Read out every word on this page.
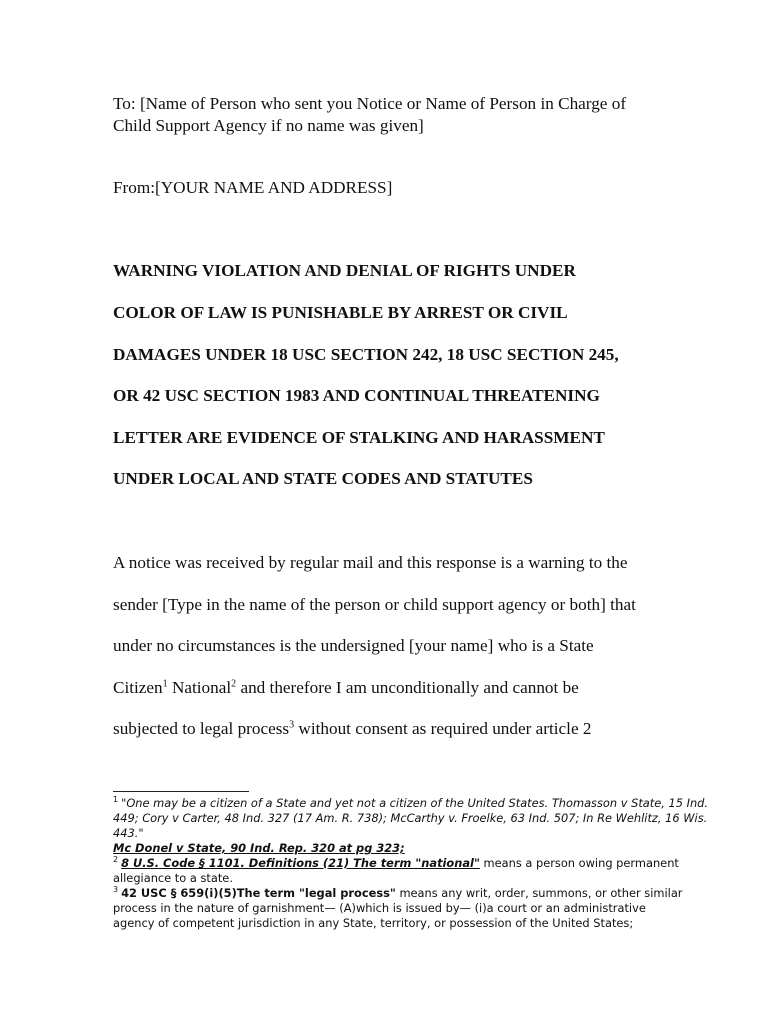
To: [Name of Person who sent you Notice or Name of Person in Charge of
Child Support Agency if no name was given]
From:[YOUR NAME AND ADDRESS]
WARNING VIOLATION AND DENIAL OF RIGHTS UNDER
COLOR OF LAW IS PUNISHABLE BY ARREST OR CIVIL
DAMAGES UNDER 18 USC SECTION 242, 18 USC SECTION 245,
OR 42 USC SECTION 1983 AND CONTINUAL THREATENING
LETTER ARE EVIDENCE OF STALKING AND HARASSMENT
UNDER LOCAL AND STATE CODES AND STATUTES
A notice was received by regular mail and this response is a warning to the
sender [Type in the name of the person or child support agency or both] that
under no circumstances is the undersigned [your name] who is a State
Citizen$^1$ National$^2$ and therefore I am unconditionally and cannot be
subjected to legal process$^3$ without consent as required under article 2
$^1$ "One may be a citizen of a State and yet not a citizen of the United States. Thomasson v State, 15 Ind.
449; Cory v Carter, 48 Ind. 327 (17 Am. R. 738); McCarthy v. Froelke, 63 Ind. 507; In Re Wehlitz, 16 Wis.
443."
Mc Donel v State, 90 Ind. Rep. 320 at pg 323;
$^2$ 8 U.S. Code § 1101. Definitions (21) The term "national" means a person owing permanent
allegiance to a state.
$^3$ 42 USC § 659(i)(5)The term "legal process" means any writ, order, summons, or other similar
process in the nature of garnishment— (A)which is issued by— (i)a court or an administrative
agency of competent jurisdiction in any State, territory, or possession of the United States;
